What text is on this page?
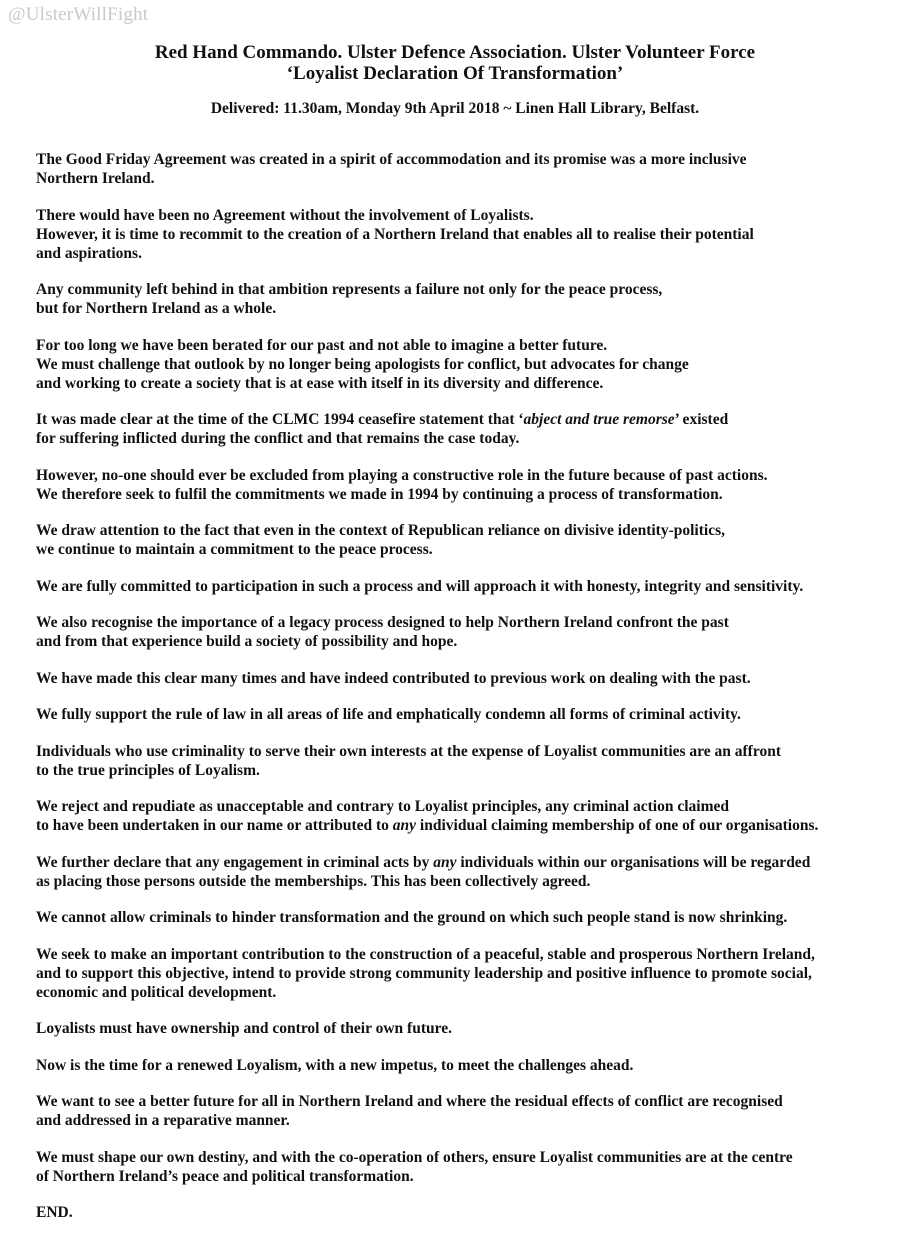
@UlsterWillFight
Red Hand Commando. Ulster Defence Association. Ulster Volunteer Force
‘Loyalist Declaration Of Transformation’
Delivered: 11.30am, Monday 9th April 2018 ~ Linen Hall Library, Belfast.

The Good Friday Agreement was created in a spirit of accommodation and its promise was a more inclusive
Northern Ireland.

There would have been no Agreement without the involvement of Loyalists.
However, it is time to recommit to the creation of a Northern Ireland that enables all to realise their potential
and aspirations.

Any community left behind in that ambition represents a failure not only for the peace process,
but for Northern Ireland as a whole.

For too long we have been berated for our past and not able to imagine a better future.
We must challenge that outlook by no longer being apologists for conflict, but advocates for change
and working to create a society that is at ease with itself in its diversity and difference.

It was made clear at the time of the CLMC 1994 ceasefire statement that ‘abject and true remorse’ existed
for suffering inflicted during the conflict and that remains the case today.

However, no-one should ever be excluded from playing a constructive role in the future because of past actions.
We therefore seek to fulfil the commitments we made in 1994 by continuing a process of transformation.

We draw attention to the fact that even in the context of Republican reliance on divisive identity-politics,
we continue to maintain a commitment to the peace process.

We are fully committed to participation in such a process and will approach it with honesty, integrity and sensitivity.

We also recognise the importance of a legacy process designed to help Northern Ireland confront the past
and from that experience build a society of possibility and hope.

We have made this clear many times and have indeed contributed to previous work on dealing with the past.

We fully support the rule of law in all areas of life and emphatically condemn all forms of criminal activity.

Individuals who use criminality to serve their own interests at the expense of Loyalist communities are an affront
to the true principles of Loyalism.

We reject and repudiate as unacceptable and contrary to Loyalist principles, any criminal action claimed
to have been undertaken in our name or attributed to any individual claiming membership of one of our organisations.

We further declare that any engagement in criminal acts by any individuals within our organisations will be regarded
as placing those persons outside the memberships. This has been collectively agreed.

We cannot allow criminals to hinder transformation and the ground on which such people stand is now shrinking.

We seek to make an important contribution to the construction of a peaceful, stable and prosperous Northern Ireland,
and to support this objective, intend to provide strong community leadership and positive influence to promote social,
economic and political development.

Loyalists must have ownership and control of their own future.

Now is the time for a renewed Loyalism, with a new impetus, to meet the challenges ahead.

We want to see a better future for all in Northern Ireland and where the residual effects of conflict are recognised
and addressed in a reparative manner.

We must shape our own destiny, and with the co-operation of others, ensure Loyalist communities are at the centre
of Northern Ireland’s peace and political transformation.

END.
